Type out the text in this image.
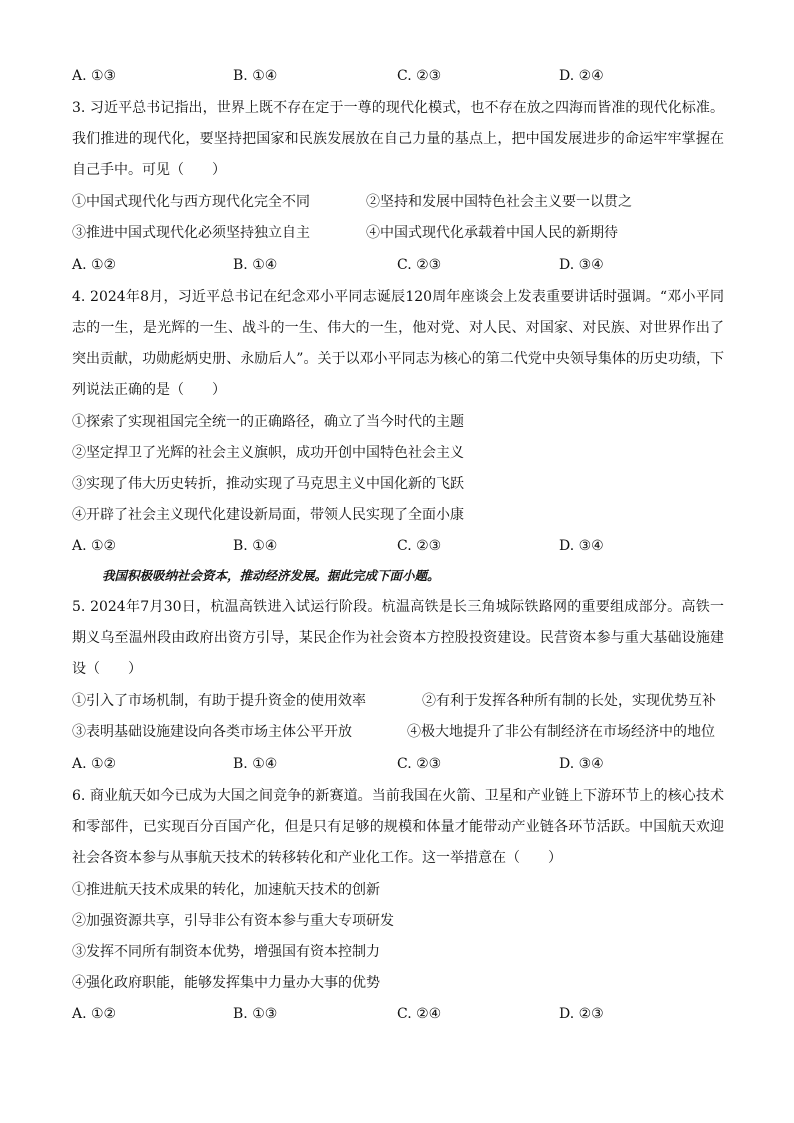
A. ①③	B. ①④	C. ②③	D. ②④
3. 习近平总书记指出，世界上既不存在定于一尊的现代化模式，也不存在放之四海而皆准的现代化标准。我们推进的现代化，要坚持把国家和民族发展放在自己力量的基点上，把中国发展进步的命运牢牢掌握在自己手中。可见（　　）
①中国式现代化与西方现代化完全不同	②坚持和发展中国特色社会主义要一以贯之
③推进中国式现代化必须坚持独立自主	④中国式现代化承载着中国人民的新期待
A. ①②	B. ①④	C. ②③	D. ③④
4. 2024年8月，习近平总书记在纪念邓小平同志诞辰120周年座谈会上发表重要讲话时强调。“邓小平同志的一生，是光辉的一生、战斗的一生、伟大的一生，他对党、对人民、对国家、对民族、对世界作出了突出贡献，功勋彪炳史册、永励后人”。关于以邓小平同志为核心的第二代党中央领导集体的历史功绩，下列说法正确的是（　　）
①探索了实现祖国完全统一的正确路径，确立了当今时代的主题
②坚定捍卫了光辉的社会主义旗帜，成功开创中国特色社会主义
③实现了伟大历史转折，推动实现了马克思主义中国化新的飞跃
④开辟了社会主义现代化建设新局面，带领人民实现了全面小康
A. ①②	B. ①④	C. ②③	D. ③④
我国积极吸纳社会资本，推动经济发展。据此完成下面小题。
5. 2024年7月30日，杭温高铁进入试运行阶段。杭温高铁是长三角城际铁路网的重要组成部分。高铁一期义乌至温州段由政府出资方引导，某民企作为社会资本方控股投资建设。民营资本参与重大基础设施建设（　　）
①引入了市场机制，有助于提升资金的使用效率	②有利于发挥各种所有制的长处，实现优势互补
③表明基础设施建设向各类市场主体公平开放	④极大地提升了非公有制经济在市场经济中的地位
A. ①②	B. ①④	C. ②③	D. ③④
6. 商业航天如今已成为大国之间竞争的新赛道。当前我国在火箭、卫星和产业链上下游环节上的核心技术和零部件，已实现百分百国产化，但是只有足够的规模和体量才能带动产业链各环节活跃。中国航天欢迎社会各资本参与从事航天技术的转移转化和产业化工作。这一举措意在（　　）
①推进航天技术成果的转化，加速航天技术的创新
②加强资源共享，引导非公有资本参与重大专项研发
③发挥不同所有制资本优势，增强国有资本控制力
④强化政府职能，能够发挥集中力量办大事的优势
A. ①②	B. ①③	C. ②④	D. ②③
